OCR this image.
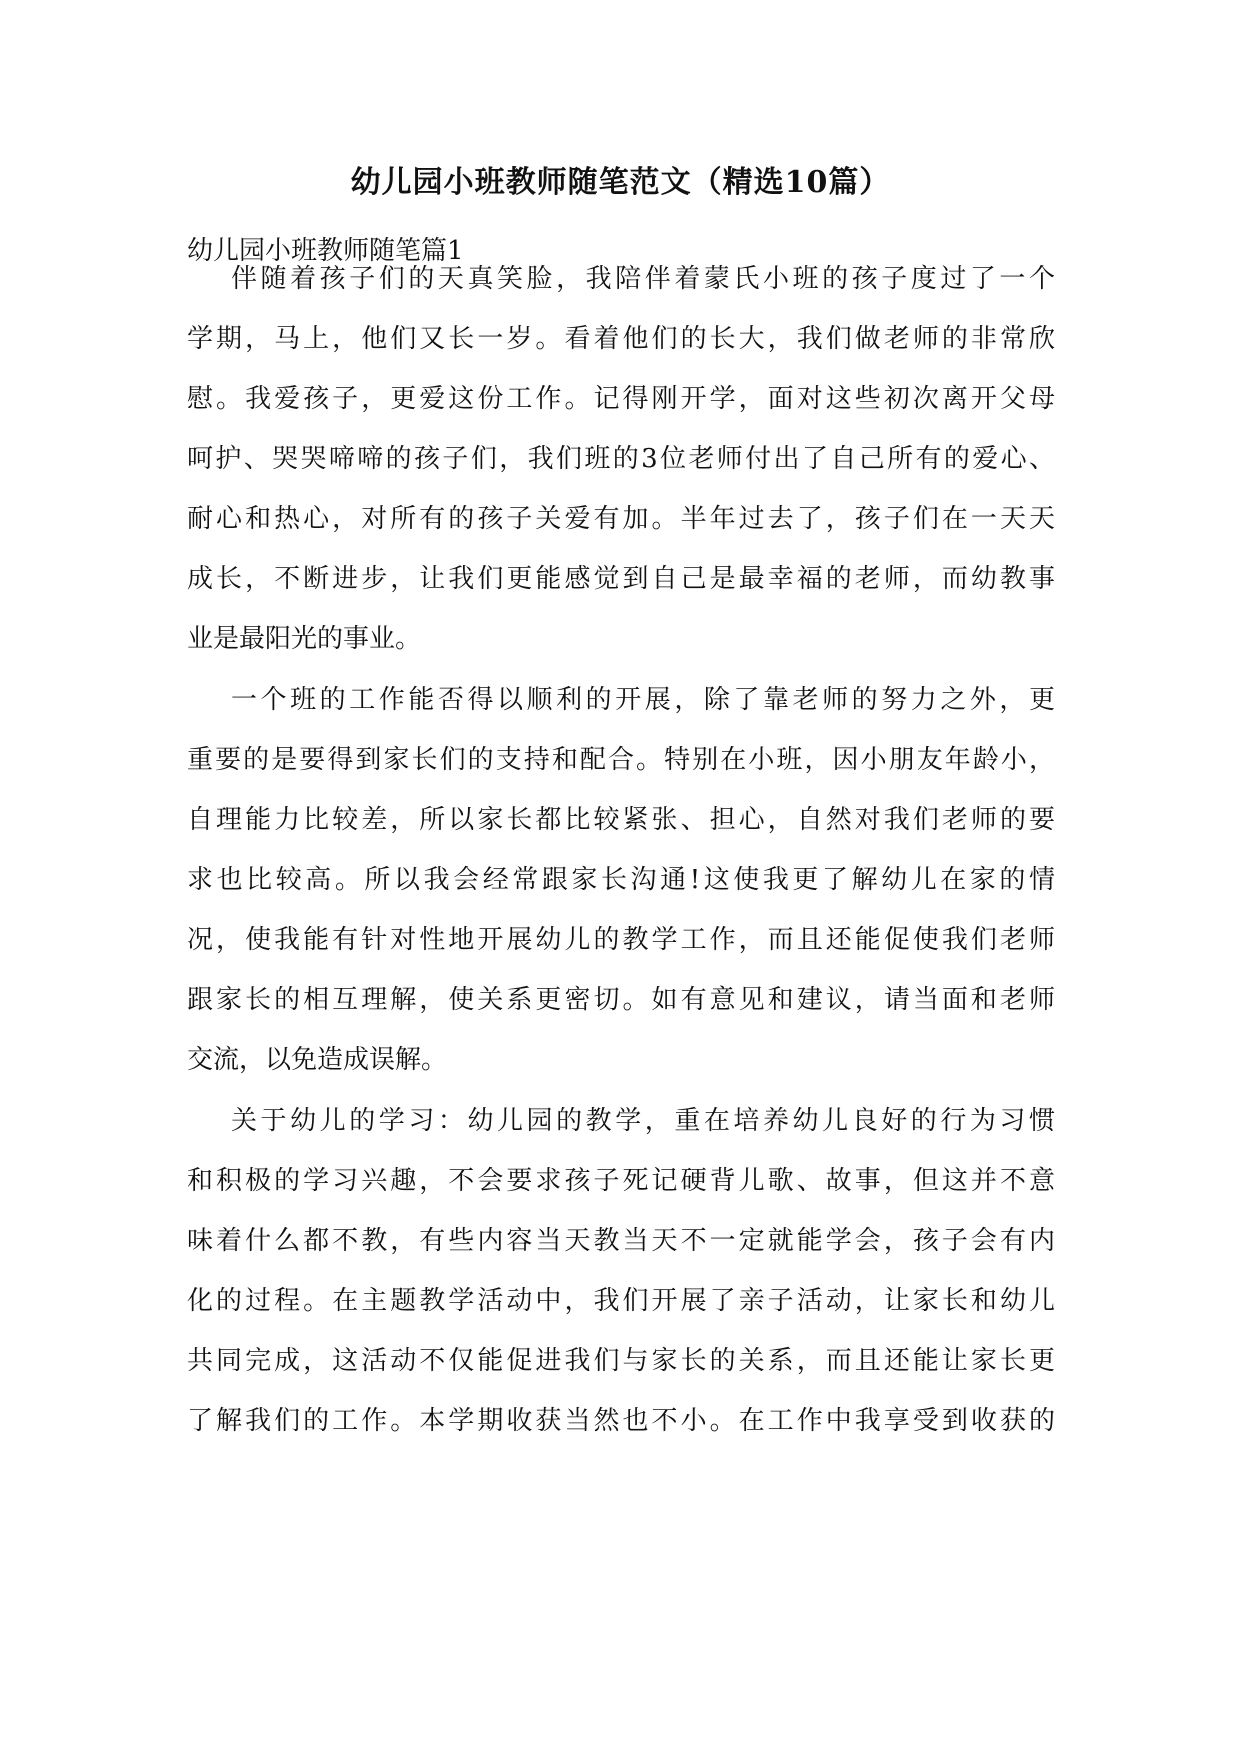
幼儿园小班教师随笔范文（精选10篇）
幼儿园小班教师随笔篇1
伴随着孩子们的天真笑脸，我陪伴着蒙氏小班的孩子度过了一个
学期，马上，他们又长一岁。看着他们的长大，我们做老师的非常欣
慰。我爱孩子，更爱这份工作。记得刚开学，面对这些初次离开父母
呵护、哭哭啼啼的孩子们，我们班的3位老师付出了自己所有的爱心、
耐心和热心，对所有的孩子关爱有加。半年过去了，孩子们在一天天
成长，不断进步，让我们更能感觉到自己是最幸福的老师，而幼教事
业是最阳光的事业。
一个班的工作能否得以顺利的开展，除了靠老师的努力之外，更
重要的是要得到家长们的支持和配合。特别在小班，因小朋友年龄小，
自理能力比较差，所以家长都比较紧张、担心，自然对我们老师的要
求也比较高。所以我会经常跟家长沟通!这使我更了解幼儿在家的情
况，使我能有针对性地开展幼儿的教学工作，而且还能促使我们老师
跟家长的相互理解，使关系更密切。如有意见和建议，请当面和老师
交流，以免造成误解。
关于幼儿的学习：幼儿园的教学，重在培养幼儿良好的行为习惯
和积极的学习兴趣，不会要求孩子死记硬背儿歌、故事，但这并不意
味着什么都不教，有些内容当天教当天不一定就能学会，孩子会有内
化的过程。在主题教学活动中，我们开展了亲子活动，让家长和幼儿
共同完成，这活动不仅能促进我们与家长的关系，而且还能让家长更
了解我们的工作。本学期收获当然也不小。在工作中我享受到收获的
